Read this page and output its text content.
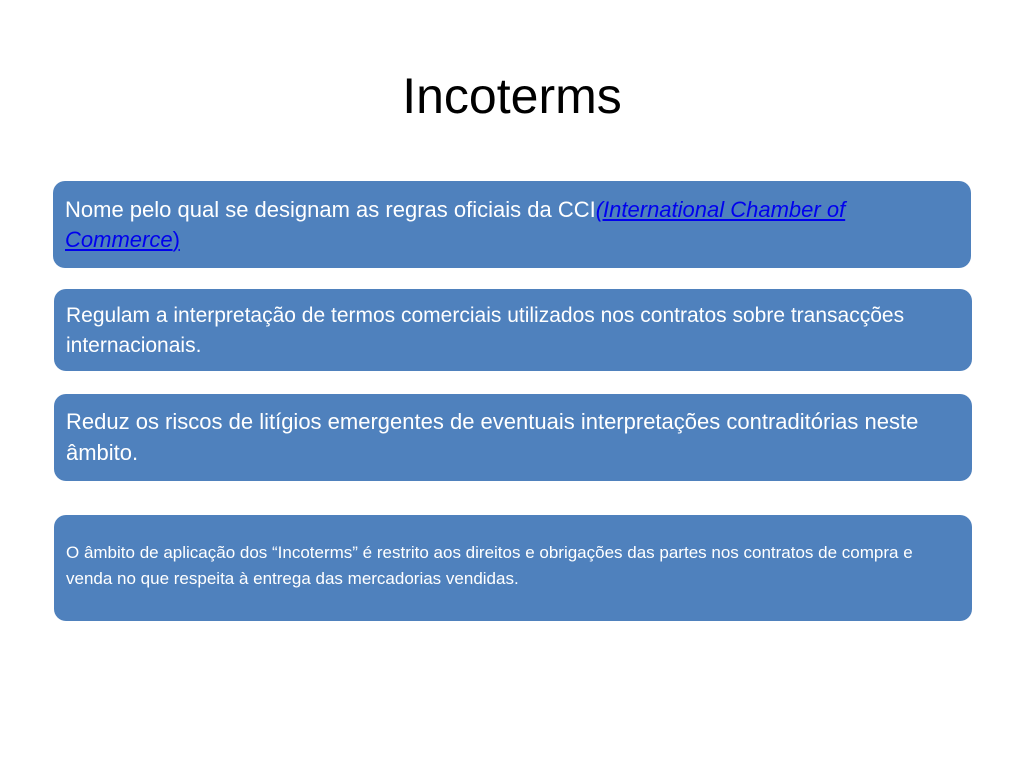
Incoterms
Nome pelo qual se designam as regras oficiais da CCI(International Chamber of Commerce)
Regulam a interpretação de termos comerciais utilizados nos contratos sobre transacções internacionais.
Reduz os riscos de litígios emergentes de eventuais interpretações contraditórias neste âmbito.
O âmbito de aplicação dos “Incoterms” é restrito aos direitos e obrigações das partes nos contratos de compra e venda no que respeita à entrega das mercadorias vendidas.
